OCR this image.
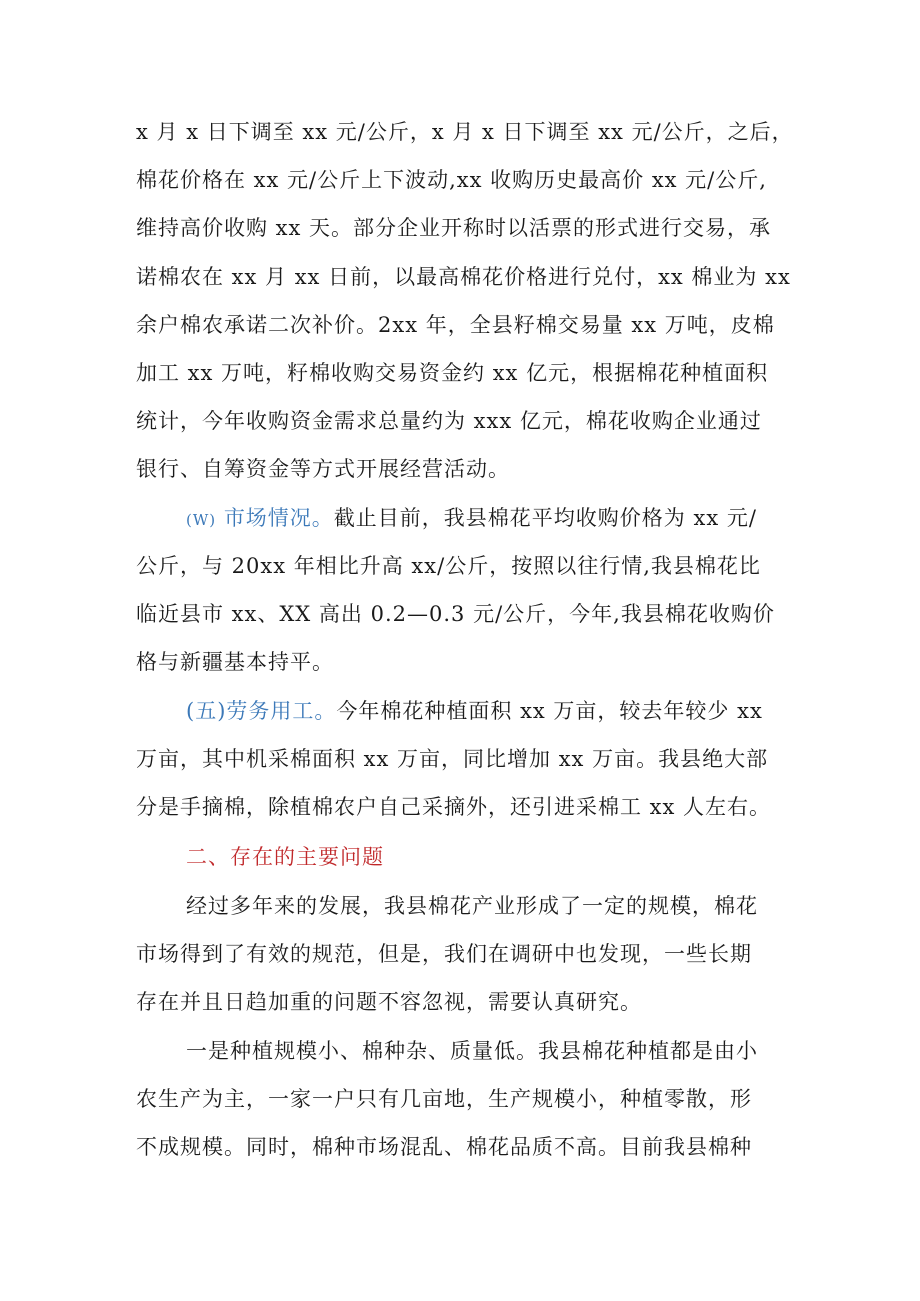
x 月 x 日下调至 xx 元/公斤，x 月 x 日下调至 xx 元/公斤，之后，
棉花价格在 xx 元/公斤上下波动,xx 收购历史最高价 xx 元/公斤,
维持高价收购 xx 天。部分企业开称时以活票的形式进行交易，承
诺棉农在 xx 月 xx 日前，以最高棉花价格进行兑付，xx 棉业为 xx
余户棉农承诺二次补价。2xx 年，全县籽棉交易量 xx 万吨，皮棉
加工 xx 万吨，籽棉收购交易资金约 xx 亿元，根据棉花种植面积
统计，今年收购资金需求总量约为 xxx 亿元，棉花收购企业通过
银行、自筹资金等方式开展经营活动。
(W) 市场情况。截止目前，我县棉花平均收购价格为 xx 元/
公斤，与 20xx 年相比升高 xx/公斤，按照以往行情,我县棉花比
临近县市 xx、XX 高出 0.2—0.3 元/公斤，今年,我县棉花收购价
格与新疆基本持平。
(五)劳务用工。今年棉花种植面积 xx 万亩，较去年较少 xx
万亩，其中机采棉面积 xx 万亩，同比增加 xx 万亩。我县绝大部
分是手摘棉，除植棉农户自己采摘外，还引进采棉工 xx 人左右。
二、存在的主要问题
经过多年来的发展，我县棉花产业形成了一定的规模，棉花
市场得到了有效的规范，但是，我们在调研中也发现，一些长期
存在并且日趋加重的问题不容忽视，需要认真研究。
一是种植规模小、棉种杂、质量低。我县棉花种植都是由小
农生产为主，一家一户只有几亩地，生产规模小，种植零散，形
不成规模。同时，棉种市场混乱、棉花品质不高。目前我县棉种
